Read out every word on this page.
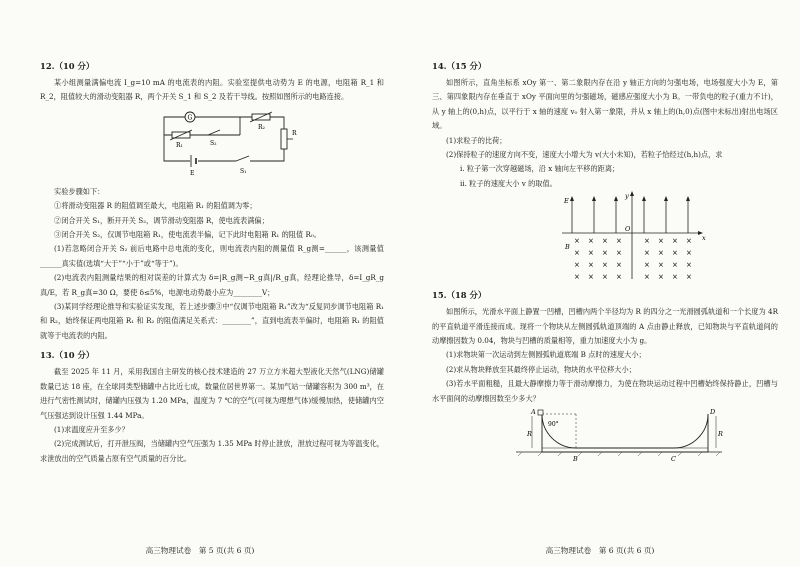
12.（10 分）

某小组测量满偏电流 I_g=10 mA 的电流表的内阻。实验室提供电动势为 E 的电源，电阻箱 R_1 和 R_2，阻值较大的滑动变阻器 R，两个开关 S_1 和 S_2 及若干导线。按照如图所示的电路连接。

G
R₁	S₂
R₂
R
E	S₁

实验步骤如下：

①将滑动变阻器 R 的阻值调至最大，电阻箱 R₁ 的阻值调为零；

②闭合开关 S₁，断开开关 S₂，调节滑动变阻器 R，使电流表满偏；

③闭合开关 S₂，仅调节电阻箱 R₁，使电流表半偏，记下此时电阻箱 R₁ 的阻值 R₀。

(1)若忽略闭合开关 S₂ 前后电路中总电流的变化，则电流表内阻的测量值 R_g测=______，该测量值______真实值(选填“大于”“小于”或“等于”)。

(2)电流表内阻测量结果的相对误差的计算式为 δ=|R_g测−R_g真|/R_g真，经理论推导，δ=I_gR_g真/E，若 R_g真=30 Ω，要使 δ≤5%，电源电动势最小应为________V；

(3)某同学经理论推导和实验证实发现，若上述步骤③中“仅调节电阻箱 R₁”改为“反复同步调节电阻箱 R₁ 和 R₂，始终保证两电阻箱 R₁ 和 R₂ 的阻值满足关系式：________”，直到电流表半偏时，电阻箱 R₁ 的阻值就等于电流表的内阻。

13.（10 分）

截至 2025 年 11 月，采用我国自主研发的核心技术建造的 27 万立方米超大型液化天然气(LNG)储罐数量已达 18 座，在全球同类型储罐中占比近七成，数量位居世界第一。某加气站一储罐容积为 300 m³，在进行气密性测试时，储罐内压强为 1.20 MPa，温度为 7 ℃的空气(可视为理想气体)缓慢加热，使储罐内空气压强达到设计压强 1.44 MPa。

(1)求温度应升至多少？

(2)完成测试后，打开泄压阀，当储罐内空气压强为 1.35 MPa 时停止泄放，泄放过程可视为等温变化，求泄放出的空气质量占原有空气质量的百分比。

高三物理试卷　第 5 页(共 6 页)
14.（15 分）

如图所示，直角坐标系 xOy 第一、第二象限内存在沿 y 轴正方向的匀强电场，电场强度大小为 E，第三、第四象限内存在垂直于 xOy 平面向里的匀强磁场，磁感应强度大小为 B。一带负电的粒子(重力不计)，从 y 轴上的(0,h)点，以平行于 x 轴的速度 v₀ 射入第一象限，并从 x 轴上的(h,0)点(图中未标出)射出电场区域。

(1)求粒子的比荷；

(2)保持粒子的速度方向不变，速度大小增大为 v(大小未知)，若粒子恰经过(h,h)点，求

ⅰ. 粒子第一次穿越磁场，沿 x 轴向左平移的距离；

ⅱ. 粒子的速度大小 v 的取值。

E
y
x
O
B
× × × ×	× × × ×
× × × ×	× × × ×
× × × ×	× × × ×
× × × ×	× × × ×
15.（18 分）

如图所示，光滑水平面上静置一凹槽，凹槽内两个半径均为 R 的四分之一光滑圆弧轨道和一个长度为 4R 的平直轨道平滑连接而成。现将一个物块从左侧圆弧轨道顶端的 A 点由静止释放，已知物块与平直轨道间的动摩擦因数为 0.04，物块与凹槽的质量相等，重力加速度大小为 g。

(1)求物块第一次运动到左侧圆弧轨道底端 B 点时的速度大小；

(2)求从物块释放至其最终停止运动，物块的水平位移大小；

(3)若水平面粗糙，且最大静摩擦力等于滑动摩擦力，为使在物块运动过程中凹槽始终保持静止，凹槽与水平面间的动摩擦因数至少多大？

90°
A
R
B	C
D
R
高三物理试卷　第 6 页(共 6 页)
